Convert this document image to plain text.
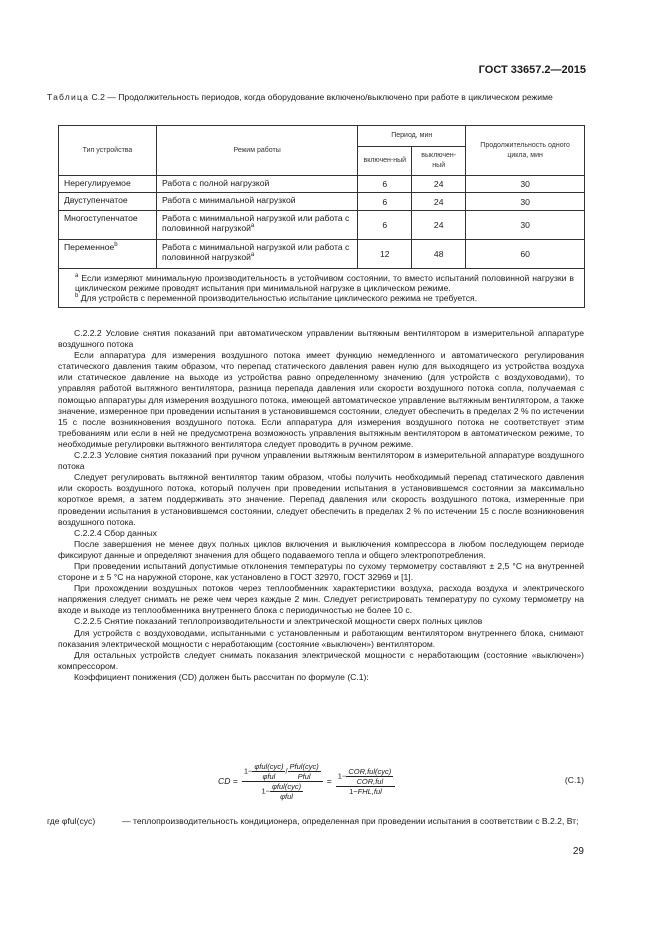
ГОСТ 33657.2—2015
Таблица С.2 — Продолжительность периодов, когда оборудование включено/выключено при работе в циклическом режиме
Тип устройства	Режим работы	Период, мин		Продолжительность одного цикла, мин
		включен-ный	выключен-ный	
Нерегулируемое	Работа с полной нагрузкой	6	24	30
Двуступенчатое	Работа с минимальной нагрузкой	6	24	30
Многоступенчатое	Работа с минимальной нагрузкой или работа с половинной нагрузкой$^a$	6	24	30
Переменное$^b$	Работа с минимальной нагрузкой или работа с половинной нагрузкой$^a$	12	48	60

$^a$ Если измеряют минимальную производительность в устойчивом состоянии, то вместо испытаний половинной нагрузки в циклическом режиме проводят испытания при минимальной нагрузке в циклическом режиме.
$^b$ Для устройств с переменной производительностью испытание циклического режима не требуется.				

С.2.2.2 Условие снятия показаний при автоматическом управлении вытяжным вентилятором в измерительной аппаратуре воздушного потока

Если аппаратура для измерения воздушного потока имеет функцию немедленного и автоматического регулирования статического давления таким образом, что перепад статического давления равен нулю для выходящего из устройства воздуха или статическое давление на выходе из устройства равно определенному значению (для устройств с воздуховодами), то управляя работой вытяжного вентилятора, разница перепада давления или скорости воздушного потока сопла, получаемая с помощью аппаратуры для измерения воздушного потока, имеющей автоматическое управление вытяжным вентилятором, а также значение, измеренное при проведении испытания в установившемся состоянии, следует обеспечить в пределах 2 % по истечении 15 с после возникновения воздушного потока. Если аппаратура для измерения воздушного потока не соответствует этим требованиям или если в ней не предусмотрена возможность управления вытяжным вентилятором в автоматическом режиме, то необходимые регулировки вытяжного вентилятора следует проводить в ручном режиме.

С.2.2.3 Условие снятия показаний при ручном управлении вытяжным вентилятором в измерительной аппаратуре воздушного потока

Следует регулировать вытяжной вентилятор таким образом, чтобы получить необходимый перепад статического давления или скорость воздушного потока, который получен при проведении испытания в установившемся состоянии за максимально короткое время, а затем поддерживать это значение. Перепад давления или скорость воздушного потока, измеренные при проведении испытания в установившемся состоянии, следует обеспечить в пределах 2 % по истечении 15 с после возникновения воздушного потока.

С.2.2.4 Сбор данных

После завершения не менее двух полных циклов включения и выключения компрессора в любом последующем периоде фиксируют данные и определяют значения для общего подаваемого тепла и общего электропотребления.

При проведении испытаний допустимые отклонения температуры по сухому термометру составляют ± 2,5 °С на внутренней стороне и ± 5 °С на наружной стороне, как установлено в ГОСТ 32970, ГОСТ 32969 и [1].

При прохождении воздушных потоков через теплообменник характеристики воздуха, расхода воздуха и электрического напряжения следует снимать не реже чем через каждые 2 мин. Следует регистрировать температуру по сухому термометру на входе и выходе из теплообменника внутреннего блока с периодичностью не более 10 с.

С.2.2.5 Снятие показаний теплопроизводительности и электрической мощности сверх полных циклов

Для устройств с воздуховодами, испытанными с установленным и работающим вентилятором внутреннего блока, снимают показания электрической мощности с неработающим (состояние «выключен») вентилятором.

Для остальных устройств следует снимать показания электрической мощности с неработающим (состояние «выключен») компрессором.

Коэффициент понижения (CD) должен быть рассчитан по формуле (С.1):

CD = $\frac{1- \frac{\text{φful(cyc)}}{\text{φful}} / \frac{\text{Pful(cyc)}}{\text{Pful}}}{1- \frac{\text{φful(cyc)}}{\text{φful}}} = \frac{1- \frac{\text{COR,ful(cyc)}}{\text{COR,ful}}}{\text{1−FHL,ful}}$	(С.1)
где φful(cyc)	— теплопроизводительность кондиционера, определенная при проведении испытания в соответствии с В.2.2, Вт;
29
